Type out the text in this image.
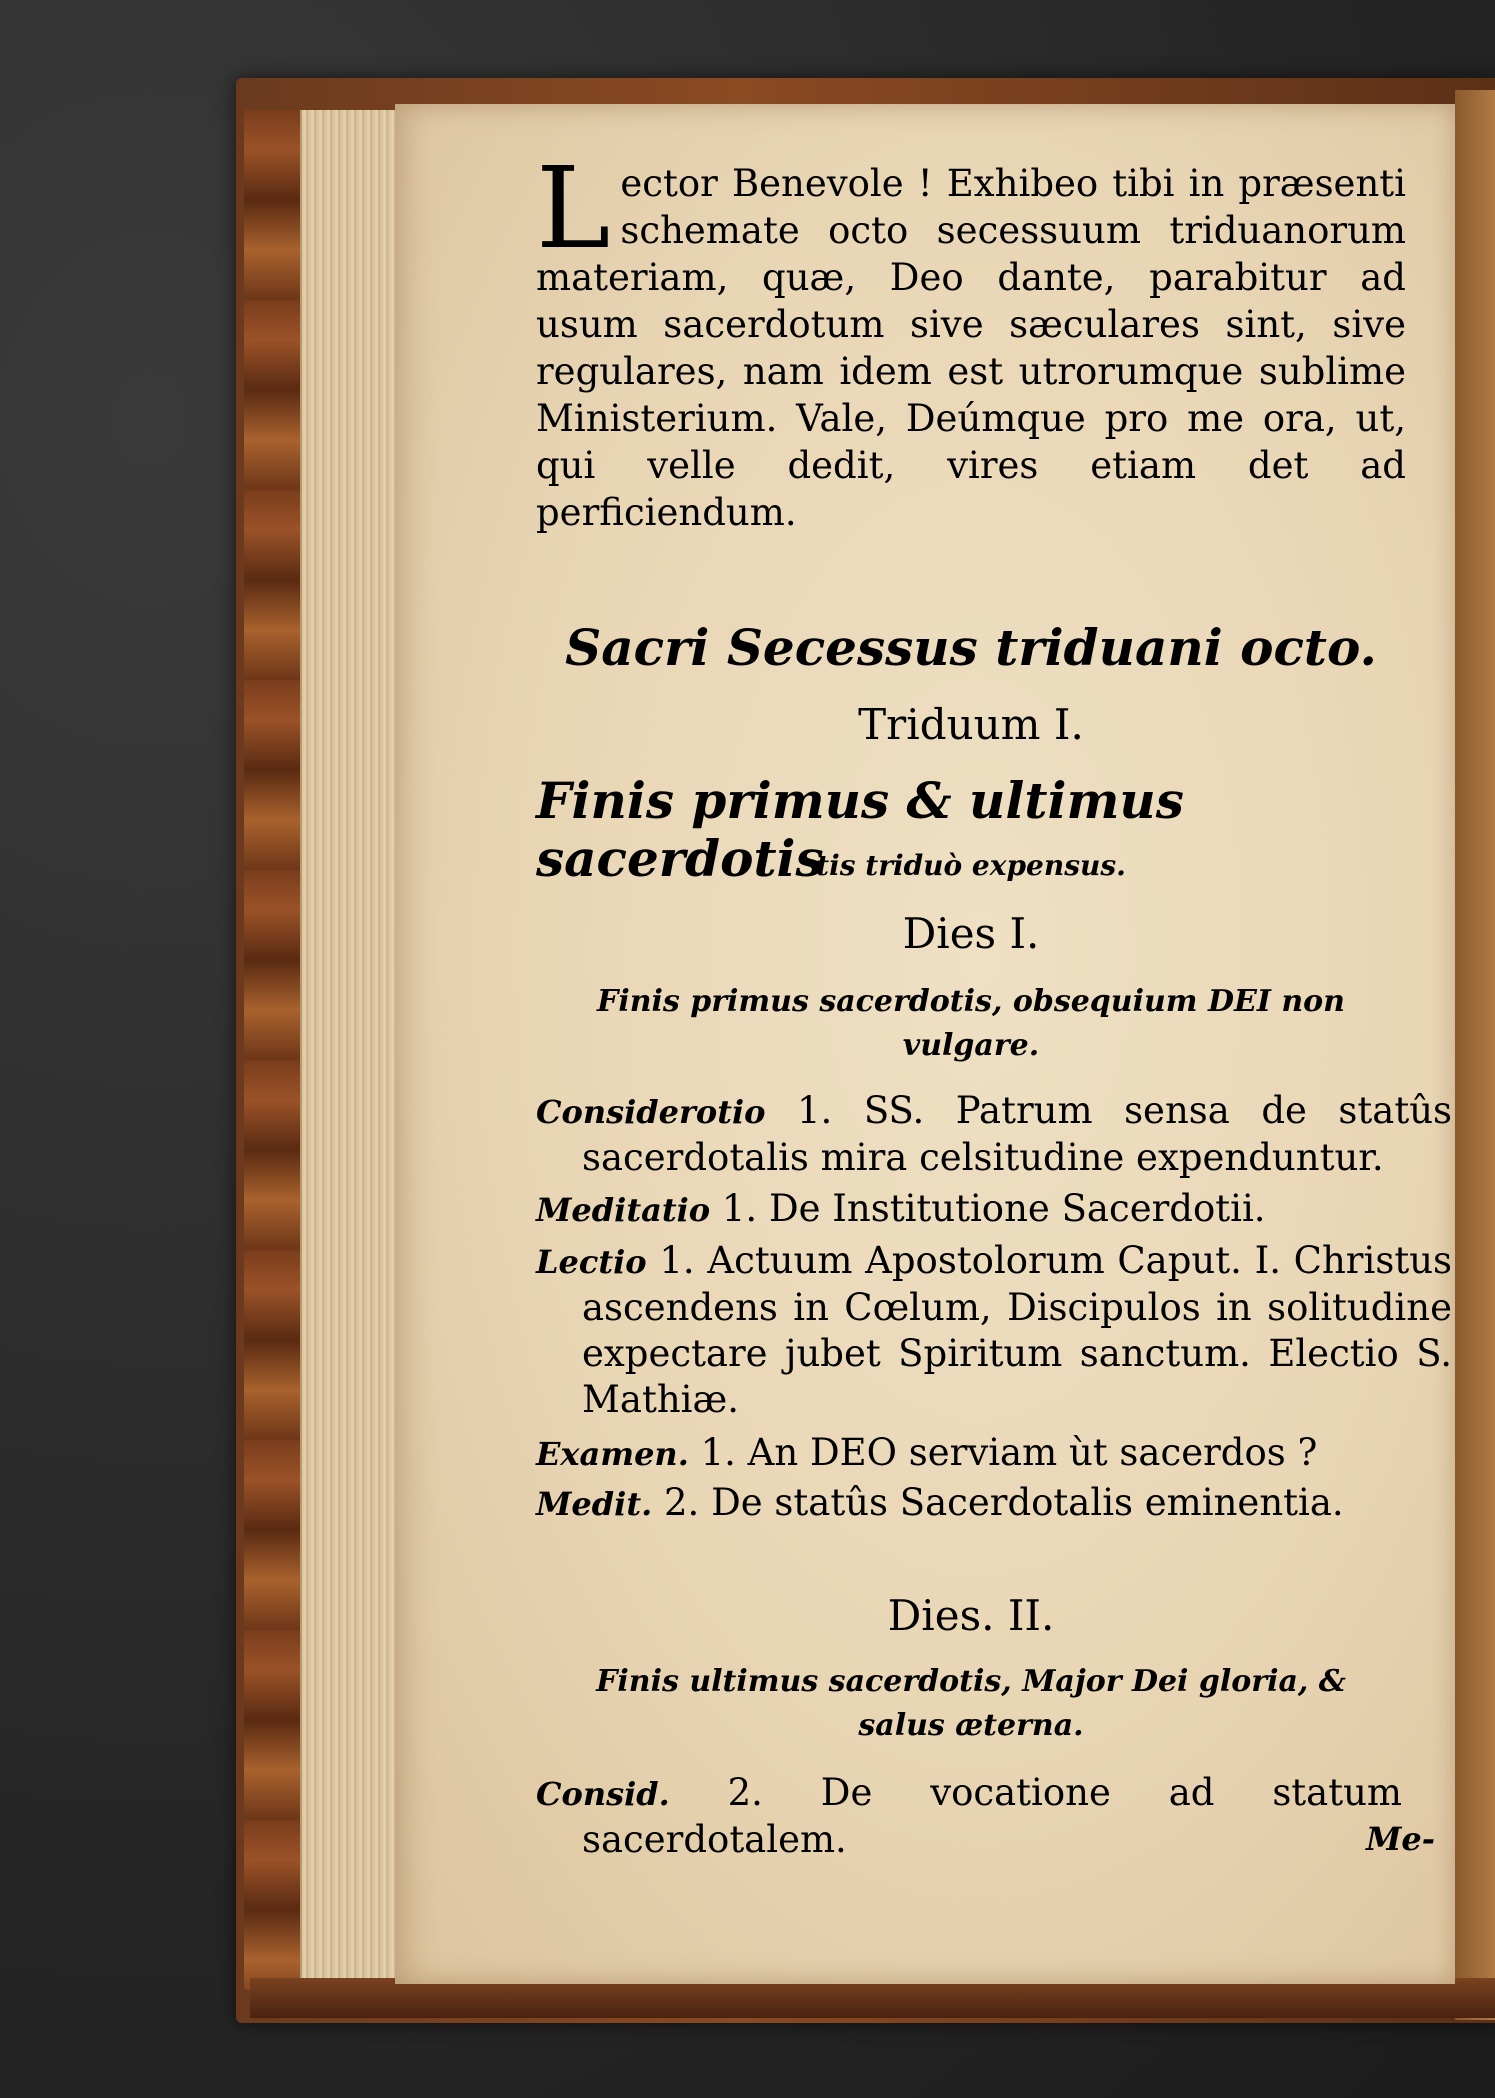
Lector Benevole ! Exhibeo tibi in præsenti schemate octo secessuum triduanorum materiam, quæ, Deo dante, parabitur ad usum sacerdotum sive sæculares sint, sive regulares, nam idem est utrorumque sublime Ministerium. Vale, Deúmque pro me ora, ut, qui velle dedit, vires etiam det ad perficiendum.

Sacri Secessus triduani octo.

Triduum I.

Finis primus & ultimus sacerdotis

tis triduò expensus.

Dies I.

Finis primus sacerdotis, obsequium DEI non vulgare.

Considerotio 1. SS. Patrum sensa de statûs sacerdotalis mira celsitudine expenduntur.
Meditatio 1. De Institutione Sacerdotii.
Lectio 1. Actuum Apostolorum Caput. I. Christus ascendens in Cœlum, Discipulos in solitudine expectare jubet Spiritum sanctum. Electio S. Mathiæ.
Examen. 1. An DEO serviam ùt sacerdos ?
Medit. 2. De statûs Sacerdotalis eminentia.

Dies. II.

Finis ultimus sacerdotis, Major Dei gloria, & salus æterna.

Consid. 2. De vocatione ad statum sacerdotalem.	Me-
